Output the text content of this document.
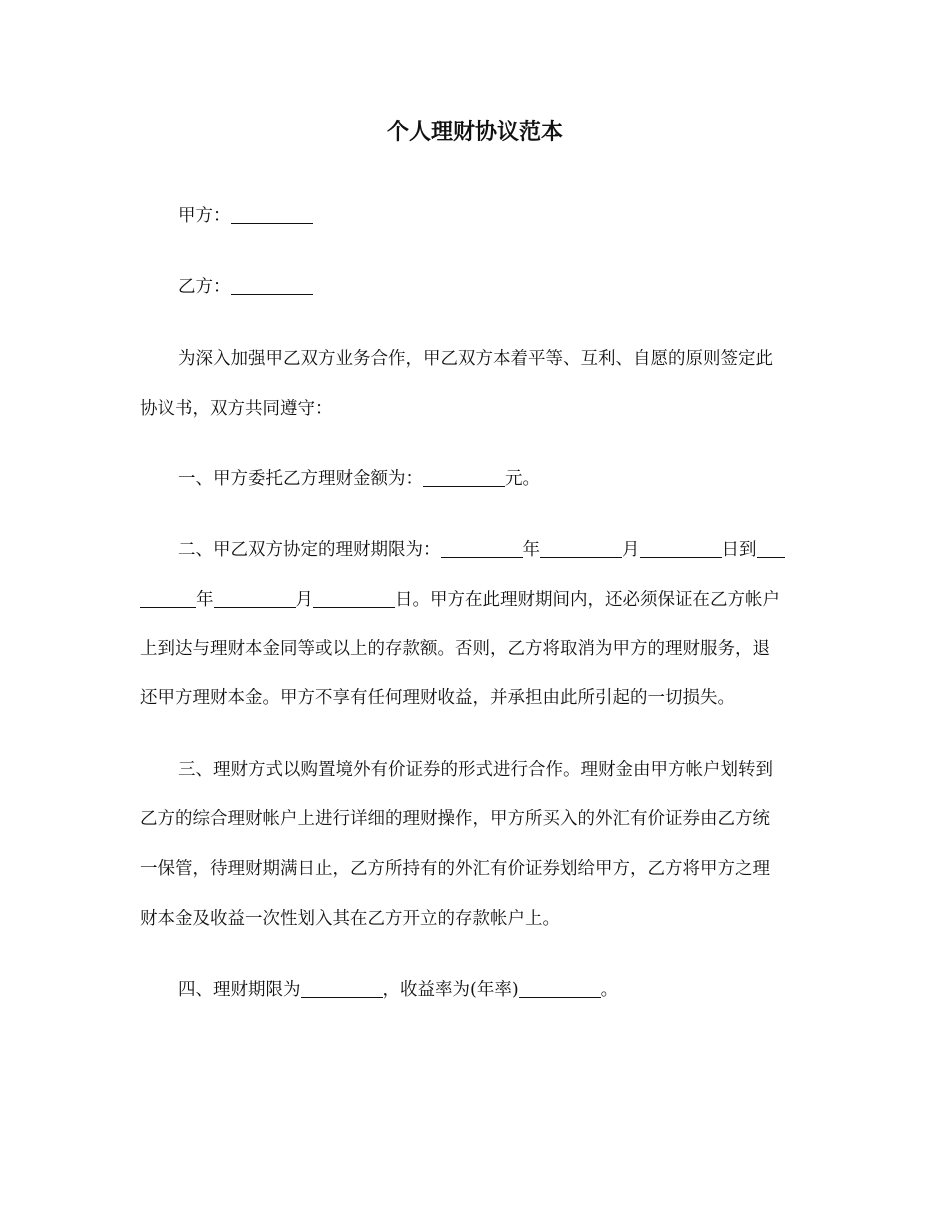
个人理财协议范本

甲方：

乙方：

为深入加强甲乙双方业务合作，甲乙双方本着平等、互利、自愿的原则签定此

协议书，双方共同遵守：

一、甲方委托乙方理财金额为：	元。

二、甲乙双方协定的理财期限为：	年	月	日到

年	月	日。甲方在此理财期间内，还必须保证在乙方帐户

上到达与理财本金同等或以上的存款额。否则，乙方将取消为甲方的理财服务，退

还甲方理财本金。甲方不享有任何理财收益，并承担由此所引起的一切损失。

三、理财方式以购置境外有价证券的形式进行合作。理财金由甲方帐户划转到

乙方的综合理财帐户上进行详细的理财操作，甲方所买入的外汇有价证券由乙方统

一保管，待理财期满日止，乙方所持有的外汇有价证券划给甲方，乙方将甲方之理

财本金及收益一次性划入其在乙方开立的存款帐户上。

四、理财期限为	，收益率为(年率)	。
